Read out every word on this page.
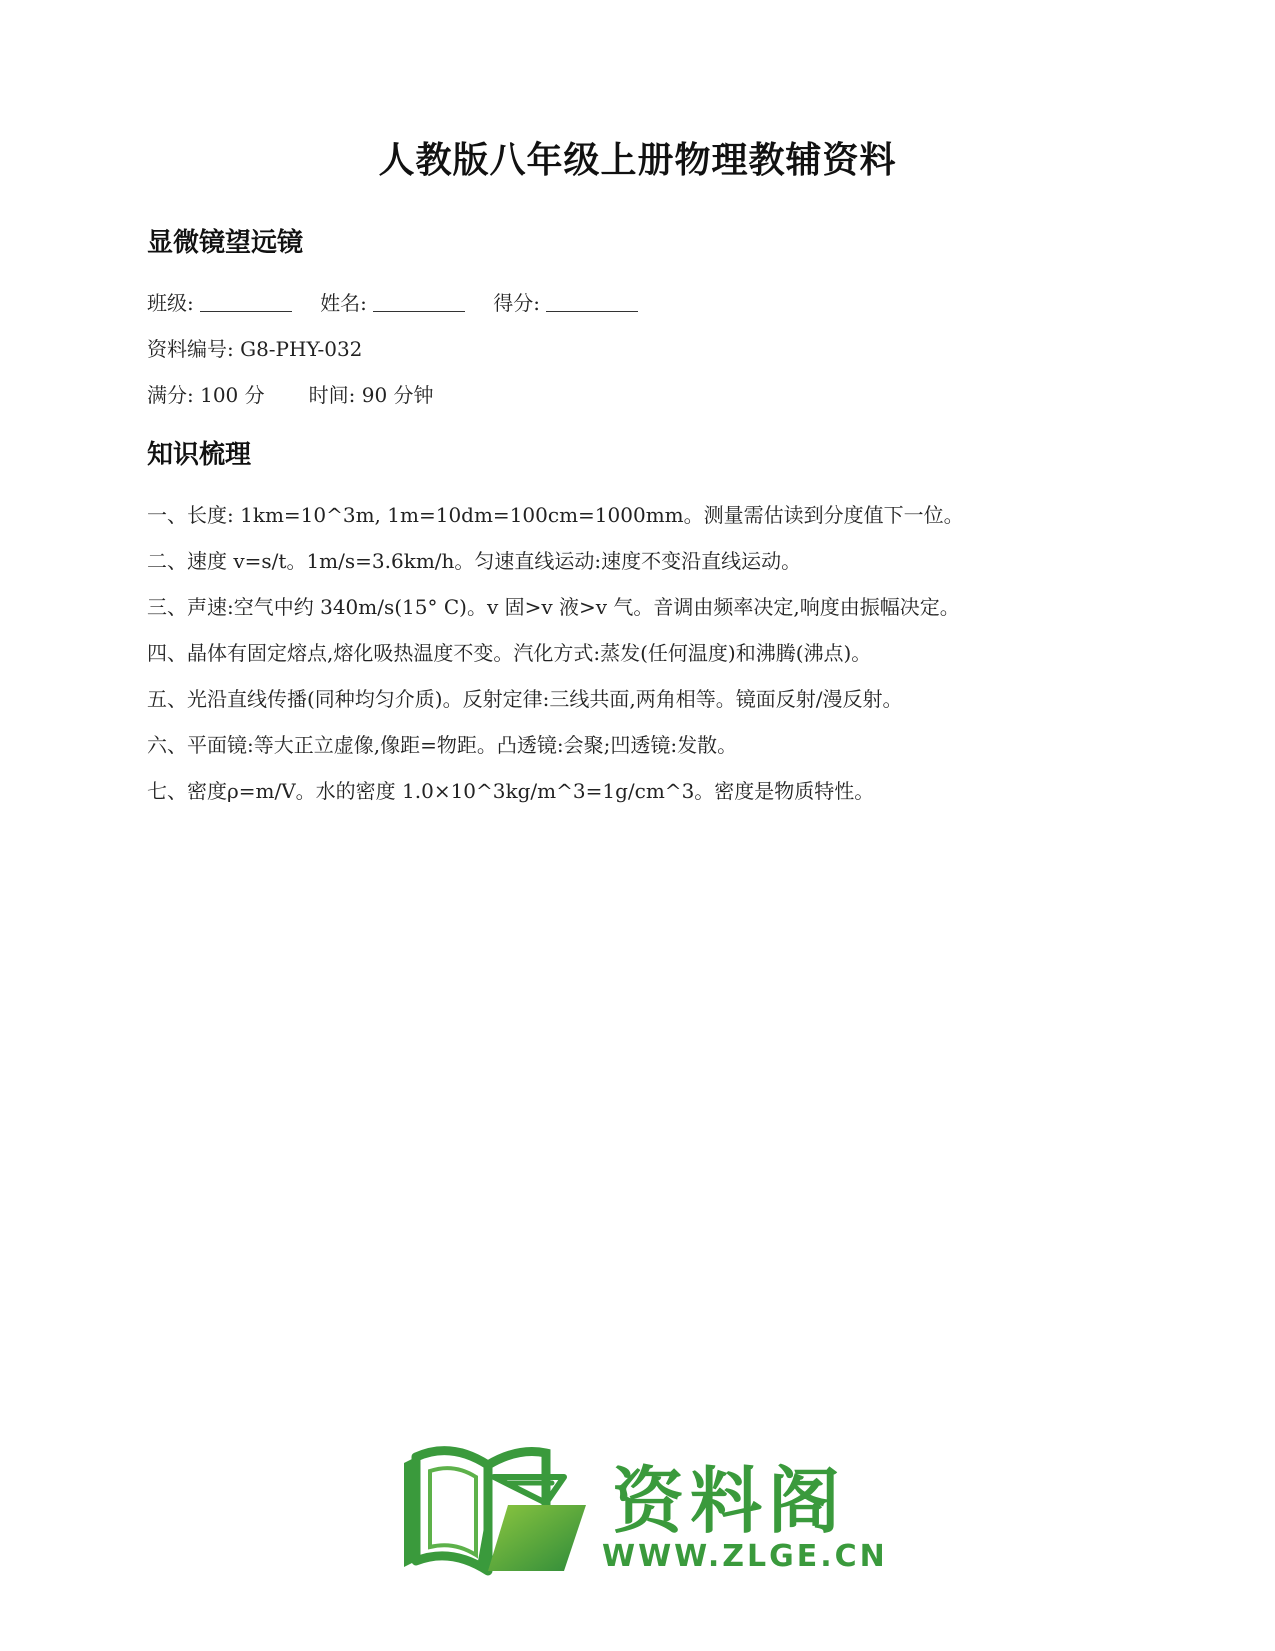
人教版八年级上册物理教辅资料
显微镜望远镜
班级:	姓名:	得分:
资料编号: G8-PHY-032
满分: 100 分 时间: 90 分钟
知识梳理
一、长度: 1km=10^3m, 1m=10dm=100cm=1000mm。测量需估读到分度值下一位。
二、速度 v=s/t。1m/s=3.6km/h。匀速直线运动:速度不变沿直线运动。
三、声速:空气中约 340m/s(15° C)。v 固>v 液>v 气。音调由频率决定,响度由振幅决定。
四、晶体有固定熔点,熔化吸热温度不变。汽化方式:蒸发(任何温度)和沸腾(沸点)。
五、光沿直线传播(同种均匀介质)。反射定律:三线共面,两角相等。镜面反射/漫反射。
六、平面镜:等大正立虚像,像距=物距。凸透镜:会聚;凹透镜:发散。
七、密度ρ=m/V。水的密度 1.0×10^3kg/m^3=1g/cm^3。密度是物质特性。
资料阁
WWW.ZLGE.CN
